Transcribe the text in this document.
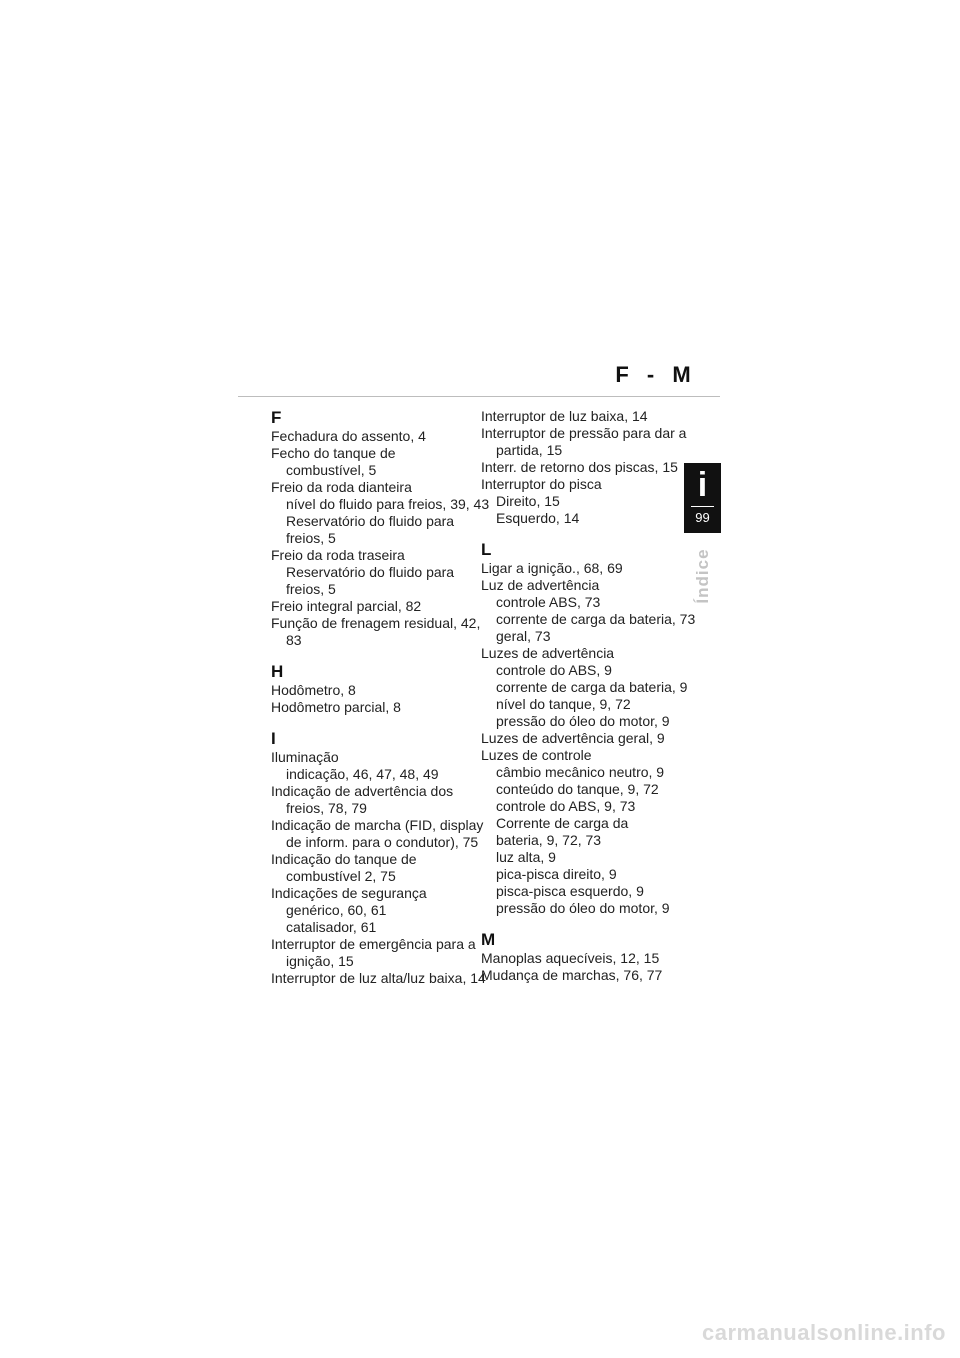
F - M
i
99
Índice
F
Fechadura do assento, 4
Fecho do tanque de
combustível, 5
Freio da roda dianteira
nível do fluido para freios, 39, 43
Reservatório do fluido para
freios, 5
Freio da roda traseira
Reservatório do fluido para
freios, 5
Freio integral parcial, 82
Função de frenagem residual, 42,
83
H
Hodômetro, 8
Hodômetro parcial, 8
I
Iluminação
indicação, 46, 47, 48, 49
Indicação de advertência dos
freios, 78, 79
Indicação de marcha (FID, display
de inform. para o condutor), 75
Indicação do tanque de
combustível 2, 75
Indicações de segurança
genérico, 60, 61
catalisador, 61
Interruptor de emergência para a
ignição, 15
Interruptor de luz alta/luz baixa, 14
Interruptor de luz baixa, 14
Interruptor de pressão para dar a
partida, 15
Interr. de retorno dos piscas, 15
Interruptor do pisca
Direito, 15
Esquerdo, 14
L
Ligar a ignição., 68, 69
Luz de advertência
controle ABS, 73
corrente de carga da bateria, 73
geral, 73
Luzes de advertência
controle do ABS, 9
corrente de carga da bateria, 9
nível do tanque, 9, 72
pressão do óleo do motor, 9
Luzes de advertência geral, 9
Luzes de controle
câmbio mecânico neutro, 9
conteúdo do tanque, 9, 72
controle do ABS, 9, 73
Corrente de carga da
bateria, 9, 72, 73
luz alta, 9
pica-pisca direito, 9
pisca-pisca esquerdo, 9
pressão do óleo do motor, 9
M
Manoplas aquecíveis, 12, 15
Mudança de marchas, 76, 77
carmanualsonline.info
